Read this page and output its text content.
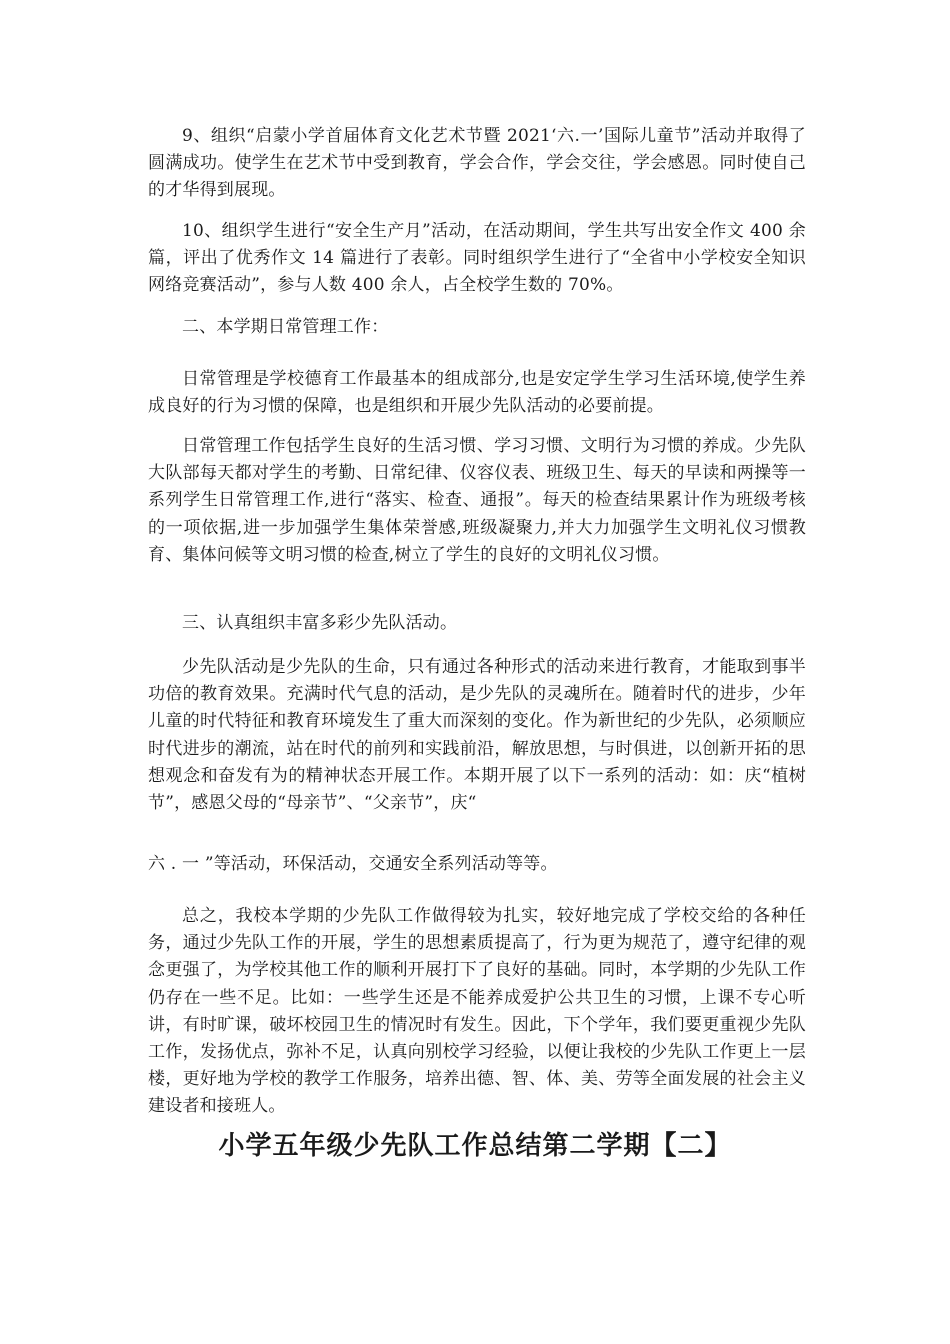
9、组织“启蒙小学首届体育文化艺术节暨 2021‘六.一’国际儿童节”活动并取得了圆满成功。使学生在艺术节中受到教育，学会合作，学会交往，学会感恩。同时使自己的才华得到展现。

10、组织学生进行“安全生产月”活动，在活动期间，学生共写出安全作文 400 余篇，评出了优秀作文 14 篇进行了表彰。同时组织学生进行了“全省中小学校安全知识网络竞赛活动”，参与人数 400 余人，占全校学生数的 70%。

二、本学期日常管理工作：

日常管理是学校德育工作最基本的组成部分,也是安定学生学习生活环境,使学生养成良好的行为习惯的保障，也是组织和开展少先队活动的必要前提。

日常管理工作包括学生良好的生活习惯、学习习惯、文明行为习惯的养成。少先队大队部每天都对学生的考勤、日常纪律、仪容仪表、班级卫生、每天的早读和两操等一系列学生日常管理工作,进行“落实、检查、通报”。每天的检查结果累计作为班级考核的一项依据,进一步加强学生集体荣誉感,班级凝聚力,并大力加强学生文明礼仪习惯教育、集体问候等文明习惯的检查,树立了学生的良好的文明礼仪习惯。

三、认真组织丰富多彩少先队活动。

少先队活动是少先队的生命，只有通过各种形式的活动来进行教育，才能取到事半功倍的教育效果。充满时代气息的活动，是少先队的灵魂所在。随着时代的进步，少年儿童的时代特征和教育环境发生了重大而深刻的变化。作为新世纪的少先队，必须顺应时代进步的潮流，站在时代的前列和实践前沿，解放思想，与时俱进，以创新开拓的思想观念和奋发有为的精神状态开展工作。本期开展了以下一系列的活动：如：庆“植树节”，感恩父母的“母亲节”、“父亲节”，庆“

六 . 一 ”等活动，环保活动，交通安全系列活动等等。

总之，我校本学期的少先队工作做得较为扎实，较好地完成了学校交给的各种任务，通过少先队工作的开展，学生的思想素质提高了，行为更为规范了，遵守纪律的观念更强了，为学校其他工作的顺利开展打下了良好的基础。同时，本学期的少先队工作仍存在一些不足。比如：一些学生还是不能养成爱护公共卫生的习惯，上课不专心听讲，有时旷课，破坏校园卫生的情况时有发生。因此，下个学年，我们要更重视少先队工作，发扬优点，弥补不足，认真向别校学习经验，以便让我校的少先队工作更上一层楼，更好地为学校的教学工作服务，培养出德、智、体、美、劳等全面发展的社会主义建设者和接班人。

小学五年级少先队工作总结第二学期【二】
